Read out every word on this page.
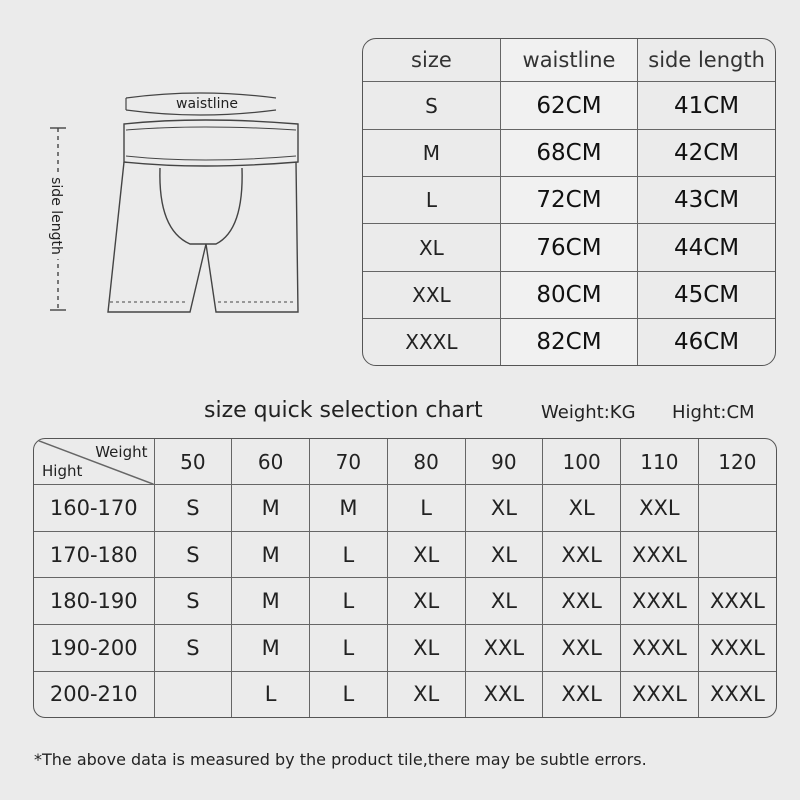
waistline
side length
size	waistline	side length
S	62CM	41CM
M	68CM	42CM
L	72CM	43CM
XL	76CM	44CM
XXL	80CM	45CM
XXXL	82CM	46CM
size quick selection chart	Weight:KG Hight:CM
Weight
Hight	50	60	70	80	90	100	110	120
160-170	S	M	M	L	XL	XL	XXL	
170-180	S	M	L	XL	XL	XXL	XXXL	
180-190	S	M	L	XL	XL	XXL	XXXL	XXXL
190-200	S	M	L	XL	XXL	XXL	XXXL	XXXL
200-210		L	L	XL	XXL	XXL	XXXL	XXXL
*The above data is measured by the product tile,there may be subtle errors.
